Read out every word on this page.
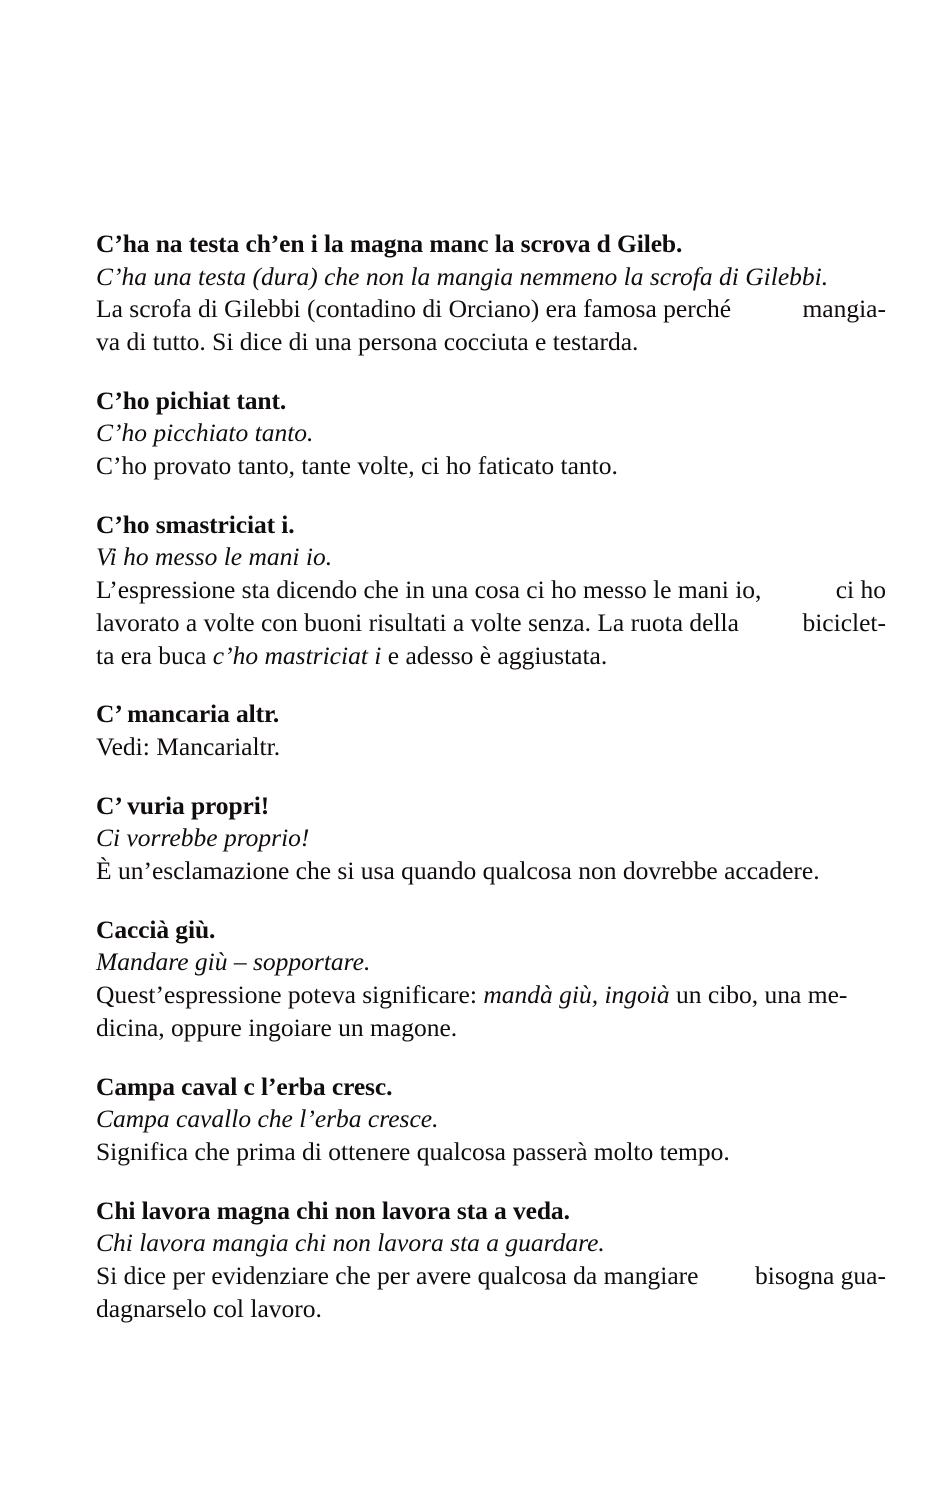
C’ha na testa ch’en i la magna manc la scrova d Gileb.
C’ha una testa (dura) che non la mangia nemmeno la scrofa di Gilebbi.
La scrofa di Gilebbi (contadino di Orciano) era famosa perché	mangia-
va di tutto. Si dice di una persona cocciuta e testarda.
C’ho pichiat tant.
C’ho picchiato tanto.
C’ho provato tanto, tante volte, ci ho faticato tanto.
C’ho smastriciat i.
Vi ho messo le mani io.
L’espressione sta dicendo che in una cosa ci ho messo le mani io,	ci ho
lavorato a volte con buoni risultati a volte senza. La ruota della biciclet-
ta era buca c’ho mastriciat i e adesso è aggiustata.
C’ mancaria altr.
Vedi: Mancarialtr.
C’ vuria propri!
Ci vorrebbe proprio!
È un’esclamazione che si usa quando qualcosa non dovrebbe accadere.
Caccià giù.
Mandare giù – sopportare.
Quest’espressione poteva significare: mandà giù, ingoià un cibo, una me-
dicina, oppure ingoiare un magone.
Campa caval c l’erba cresc.
Campa cavallo che l’erba cresce.
Significa che prima di ottenere qualcosa passerà molto tempo.
Chi lavora magna chi non lavora sta a veda.
Chi lavora mangia chi non lavora sta a guardare.
Si dice per evidenziare che per avere qualcosa da mangiare bisogna gua-
dagnarselo col lavoro.
